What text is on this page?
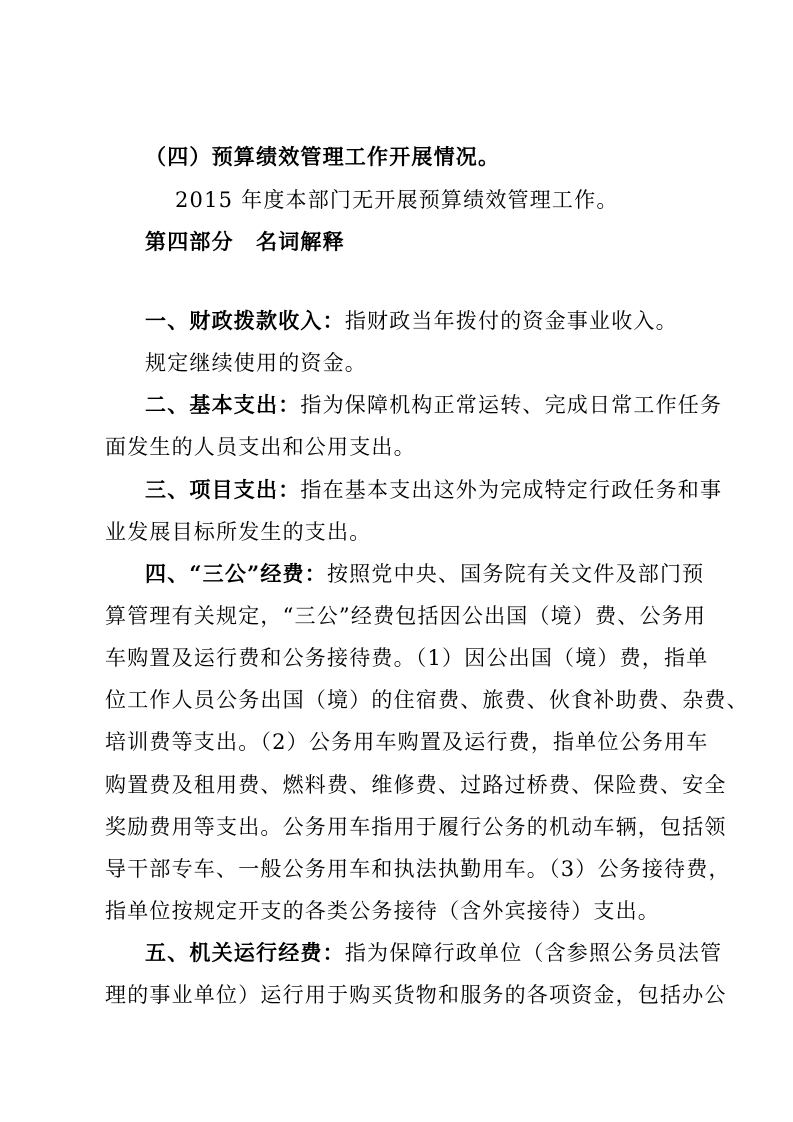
（四）预算绩效管理工作开展情况。
2015 年度本部门无开展预算绩效管理工作。
第四部分　名词解释
一、财政拨款收入：指财政当年拨付的资金事业收入。
规定继续使用的资金。
二、基本支出：指为保障机构正常运转、完成日常工作任务
面发生的人员支出和公用支出。
三、项目支出：指在基本支出这外为完成特定行政任务和事
业发展目标所发生的支出。
四、“三公”经费：按照党中央、国务院有关文件及部门预
算管理有关规定，“三公”经费包括因公出国（境）费、公务用
车购置及运行费和公务接待费。（1）因公出国（境）费，指单
位工作人员公务出国（境）的住宿费、旅费、伙食补助费、杂费、
培训费等支出。（2）公务用车购置及运行费，指单位公务用车
购置费及租用费、燃料费、维修费、过路过桥费、保险费、安全
奖励费用等支出。公务用车指用于履行公务的机动车辆，包括领
导干部专车、一般公务用车和执法执勤用车。（3）公务接待费，
指单位按规定开支的各类公务接待（含外宾接待）支出。
五、机关运行经费：指为保障行政单位（含参照公务员法管
理的事业单位）运行用于购买货物和服务的各项资金，包括办公
